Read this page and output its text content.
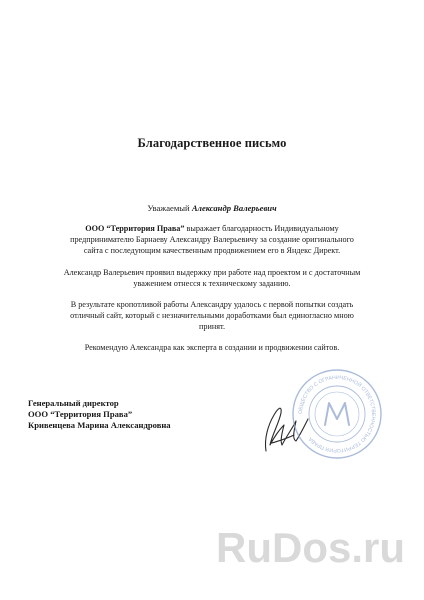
Благодарственное письмо
Уважаемый Александр Валерьевич
ООО “Территория Права” выражает благодарность Индивидуальному
предпринимателю Барнаеву Александру Валерьевичу за создание оригинального
сайта с последующим качественным продвижением его в Яндекс Директ.
Александр Валерьевич проявил выдержку при работе над проектом и с достаточным
уважением отнесся к техническому заданию.
В результате кропотливой работы Александру удалось с первой попытки создать
отличный сайт, который с незначительными доработками был единогласно мною
принят.
Рекомендую Александра как эксперта в создании и продвижении сайтов.
Генеральный директор
ООО “Территория Права”
Кривенцева Марина Александровна
ОБЩЕСТВО С ОГРАНИЧЕННОЙ ОТВЕТСТВЕННОСТЬЮ ТЕРРИТОРИЯ ПРАВА
RuDos.ru
